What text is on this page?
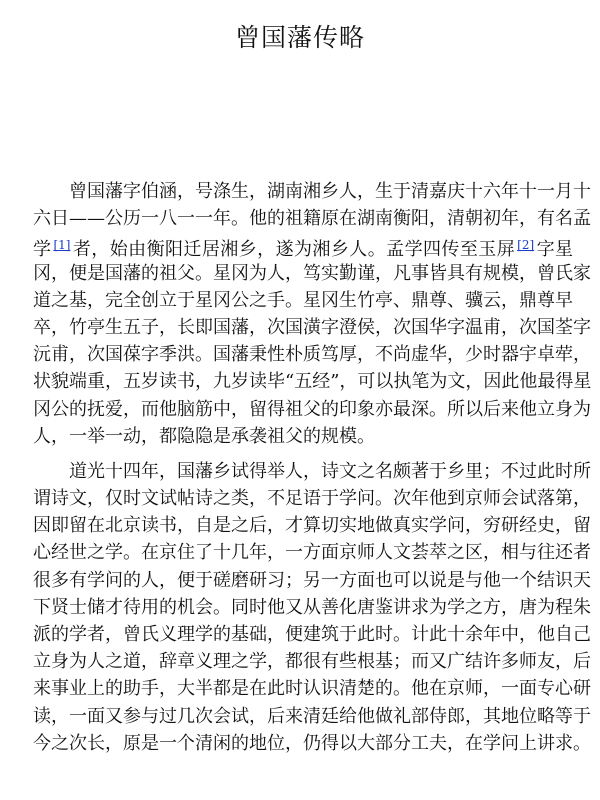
曾国藩传略
曾国藩字伯涵，号涤生，湖南湘乡人，生于清嘉庆十六年十一月十
六日——公历一八一一年。他的祖籍原在湖南衡阳，清朝初年，有名孟
学 [1] 者，始由衡阳迁居湘乡，遂为湘乡人。孟学四传至玉屏 [2] 字星
冈，便是国藩的祖父。星冈为人，笃实勤谨，凡事皆具有规模，曾氏家
道之基，完全创立于星冈公之手。星冈生竹亭、鼎尊、骥云，鼎尊早
卒，竹亭生五子，长即国藩，次国潢字澄侯，次国华字温甫，次国荃字
沅甫，次国葆字季洪。国藩秉性朴质笃厚，不尚虚华，少时器宇卓荦，
状貌端重，五岁读书，九岁读毕“五经”，可以执笔为文，因此他最得星
冈公的抚爱，而他脑筋中，留得祖父的印象亦最深。所以后来他立身为
人，一举一动，都隐隐是承袭祖父的规模。
道光十四年，国藩乡试得举人，诗文之名颇著于乡里；不过此时所
谓诗文，仅时文试帖诗之类，不足语于学问。次年他到京师会试落第，
因即留在北京读书，自是之后，才算切实地做真实学问，穷研经史，留
心经世之学。在京住了十几年，一方面京师人文荟萃之区，相与往还者
很多有学问的人，便于磋磨研习；另一方面也可以说是与他一个结识天
下贤士储才待用的机会。同时他又从善化唐鉴讲求为学之方，唐为程朱
派的学者，曾氏义理学的基础，便建筑于此时。计此十余年中，他自己
立身为人之道，辞章义理之学，都很有些根基；而又广结许多师友，后
来事业上的助手，大半都是在此时认识清楚的。他在京师，一面专心研
读，一面又参与过几次会试，后来清廷给他做礼部侍郎，其地位略等于
今之次长，原是一个清闲的地位，仍得以大部分工夫，在学问上讲求。
